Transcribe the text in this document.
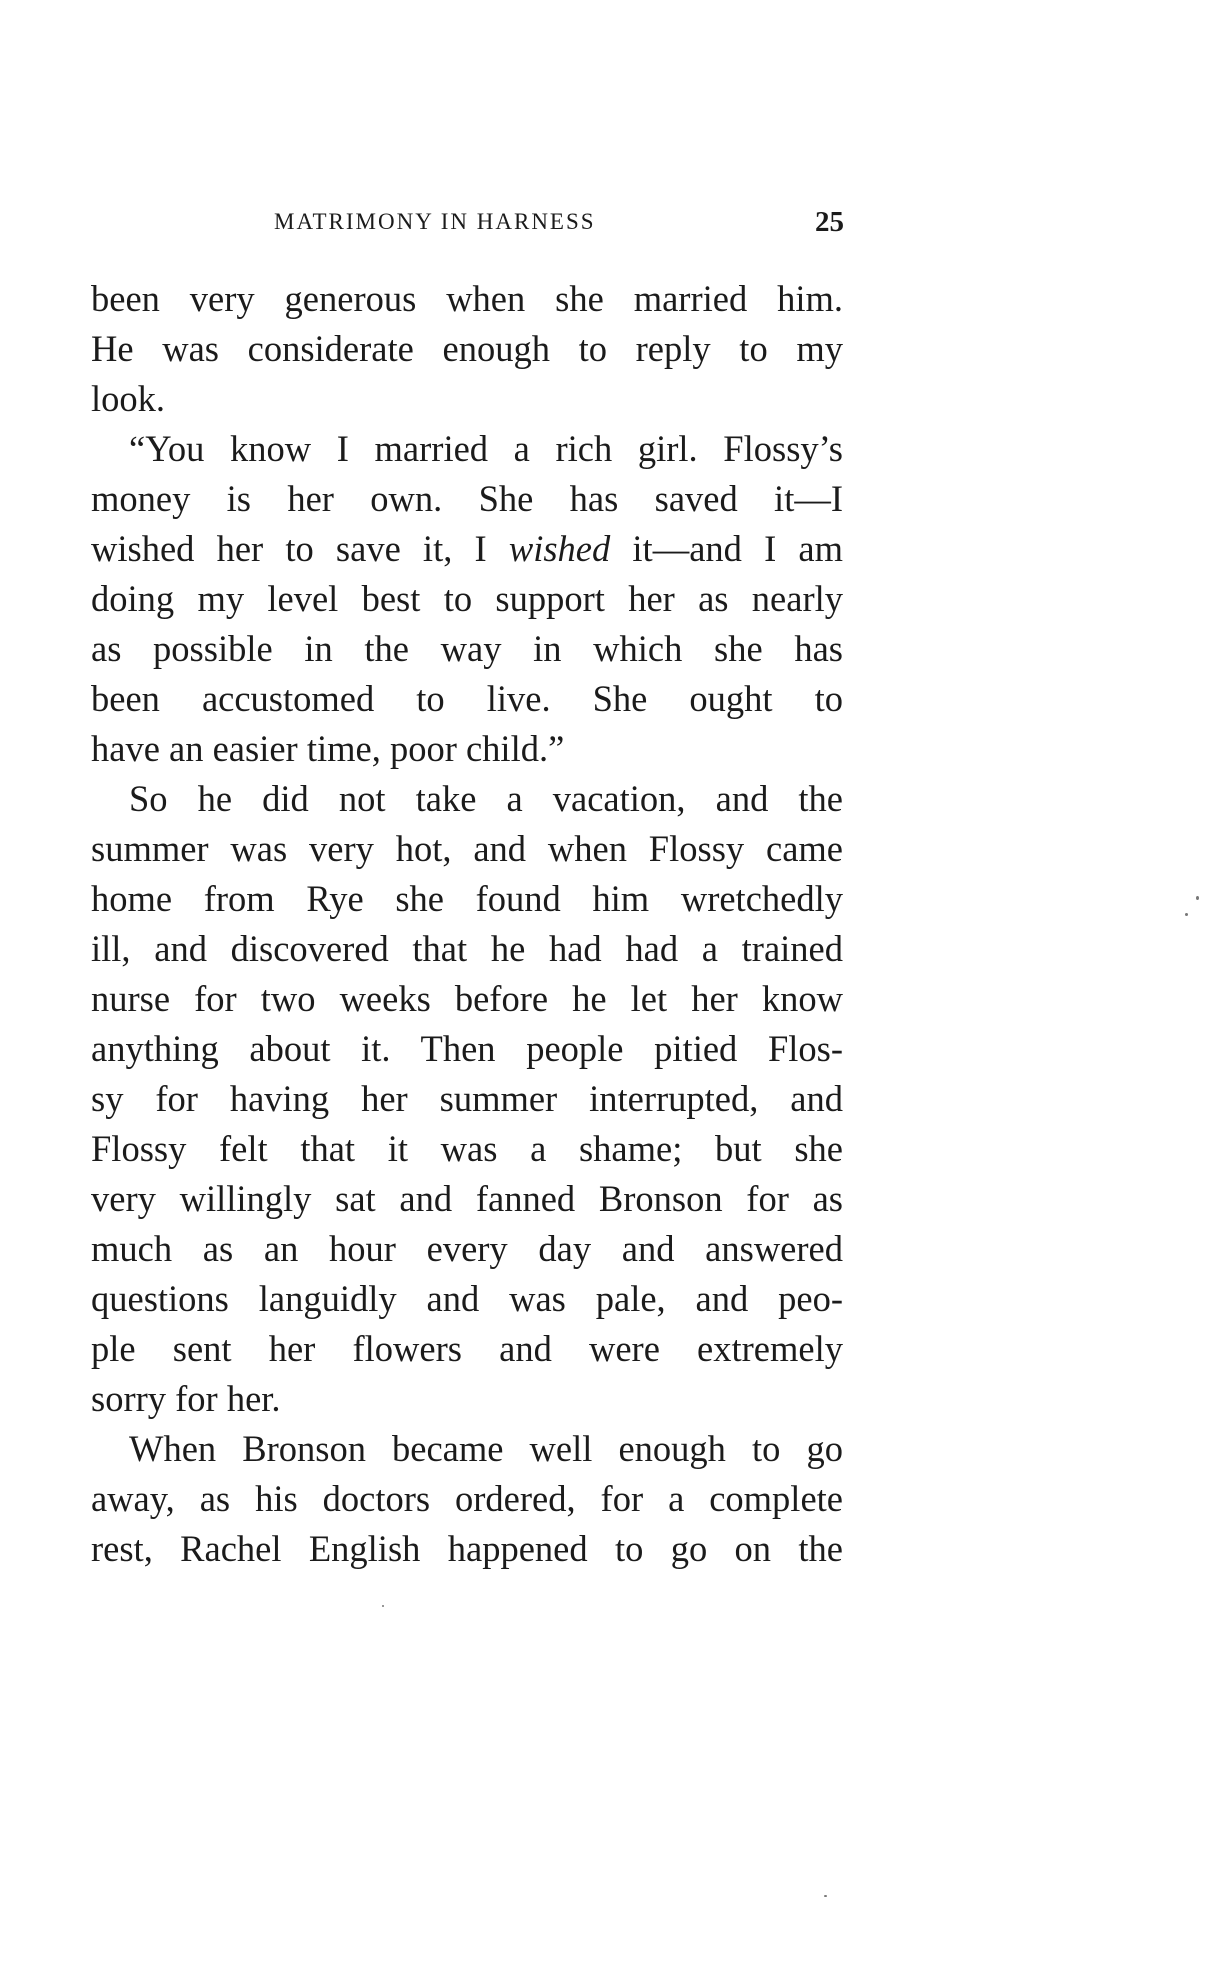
MATRIMONY IN HARNESS	25
been very generous when she married him.
He was considerate enough to reply to my
look.
“You know I married a rich girl. Flossy’s
money is her own. She has saved it—I
wished her to save it, I wished it—and I am
doing my level best to support her as nearly
as possible in the way in which she has
been accustomed to live. She ought to
have an easier time, poor child.”
So he did not take a vacation, and the
summer was very hot, and when Flossy came
home from Rye she found him wretchedly
ill, and discovered that he had had a trained
nurse for two weeks before he let her know
anything about it. Then people pitied Flos-
sy for having her summer interrupted, and
Flossy felt that it was a shame; but she
very willingly sat and fanned Bronson for as
much as an hour every day and answered
questions languidly and was pale, and peo-
ple sent her flowers and were extremely
sorry for her.
When Bronson became well enough to go
away, as his doctors ordered, for a complete
rest, Rachel English happened to go on the
